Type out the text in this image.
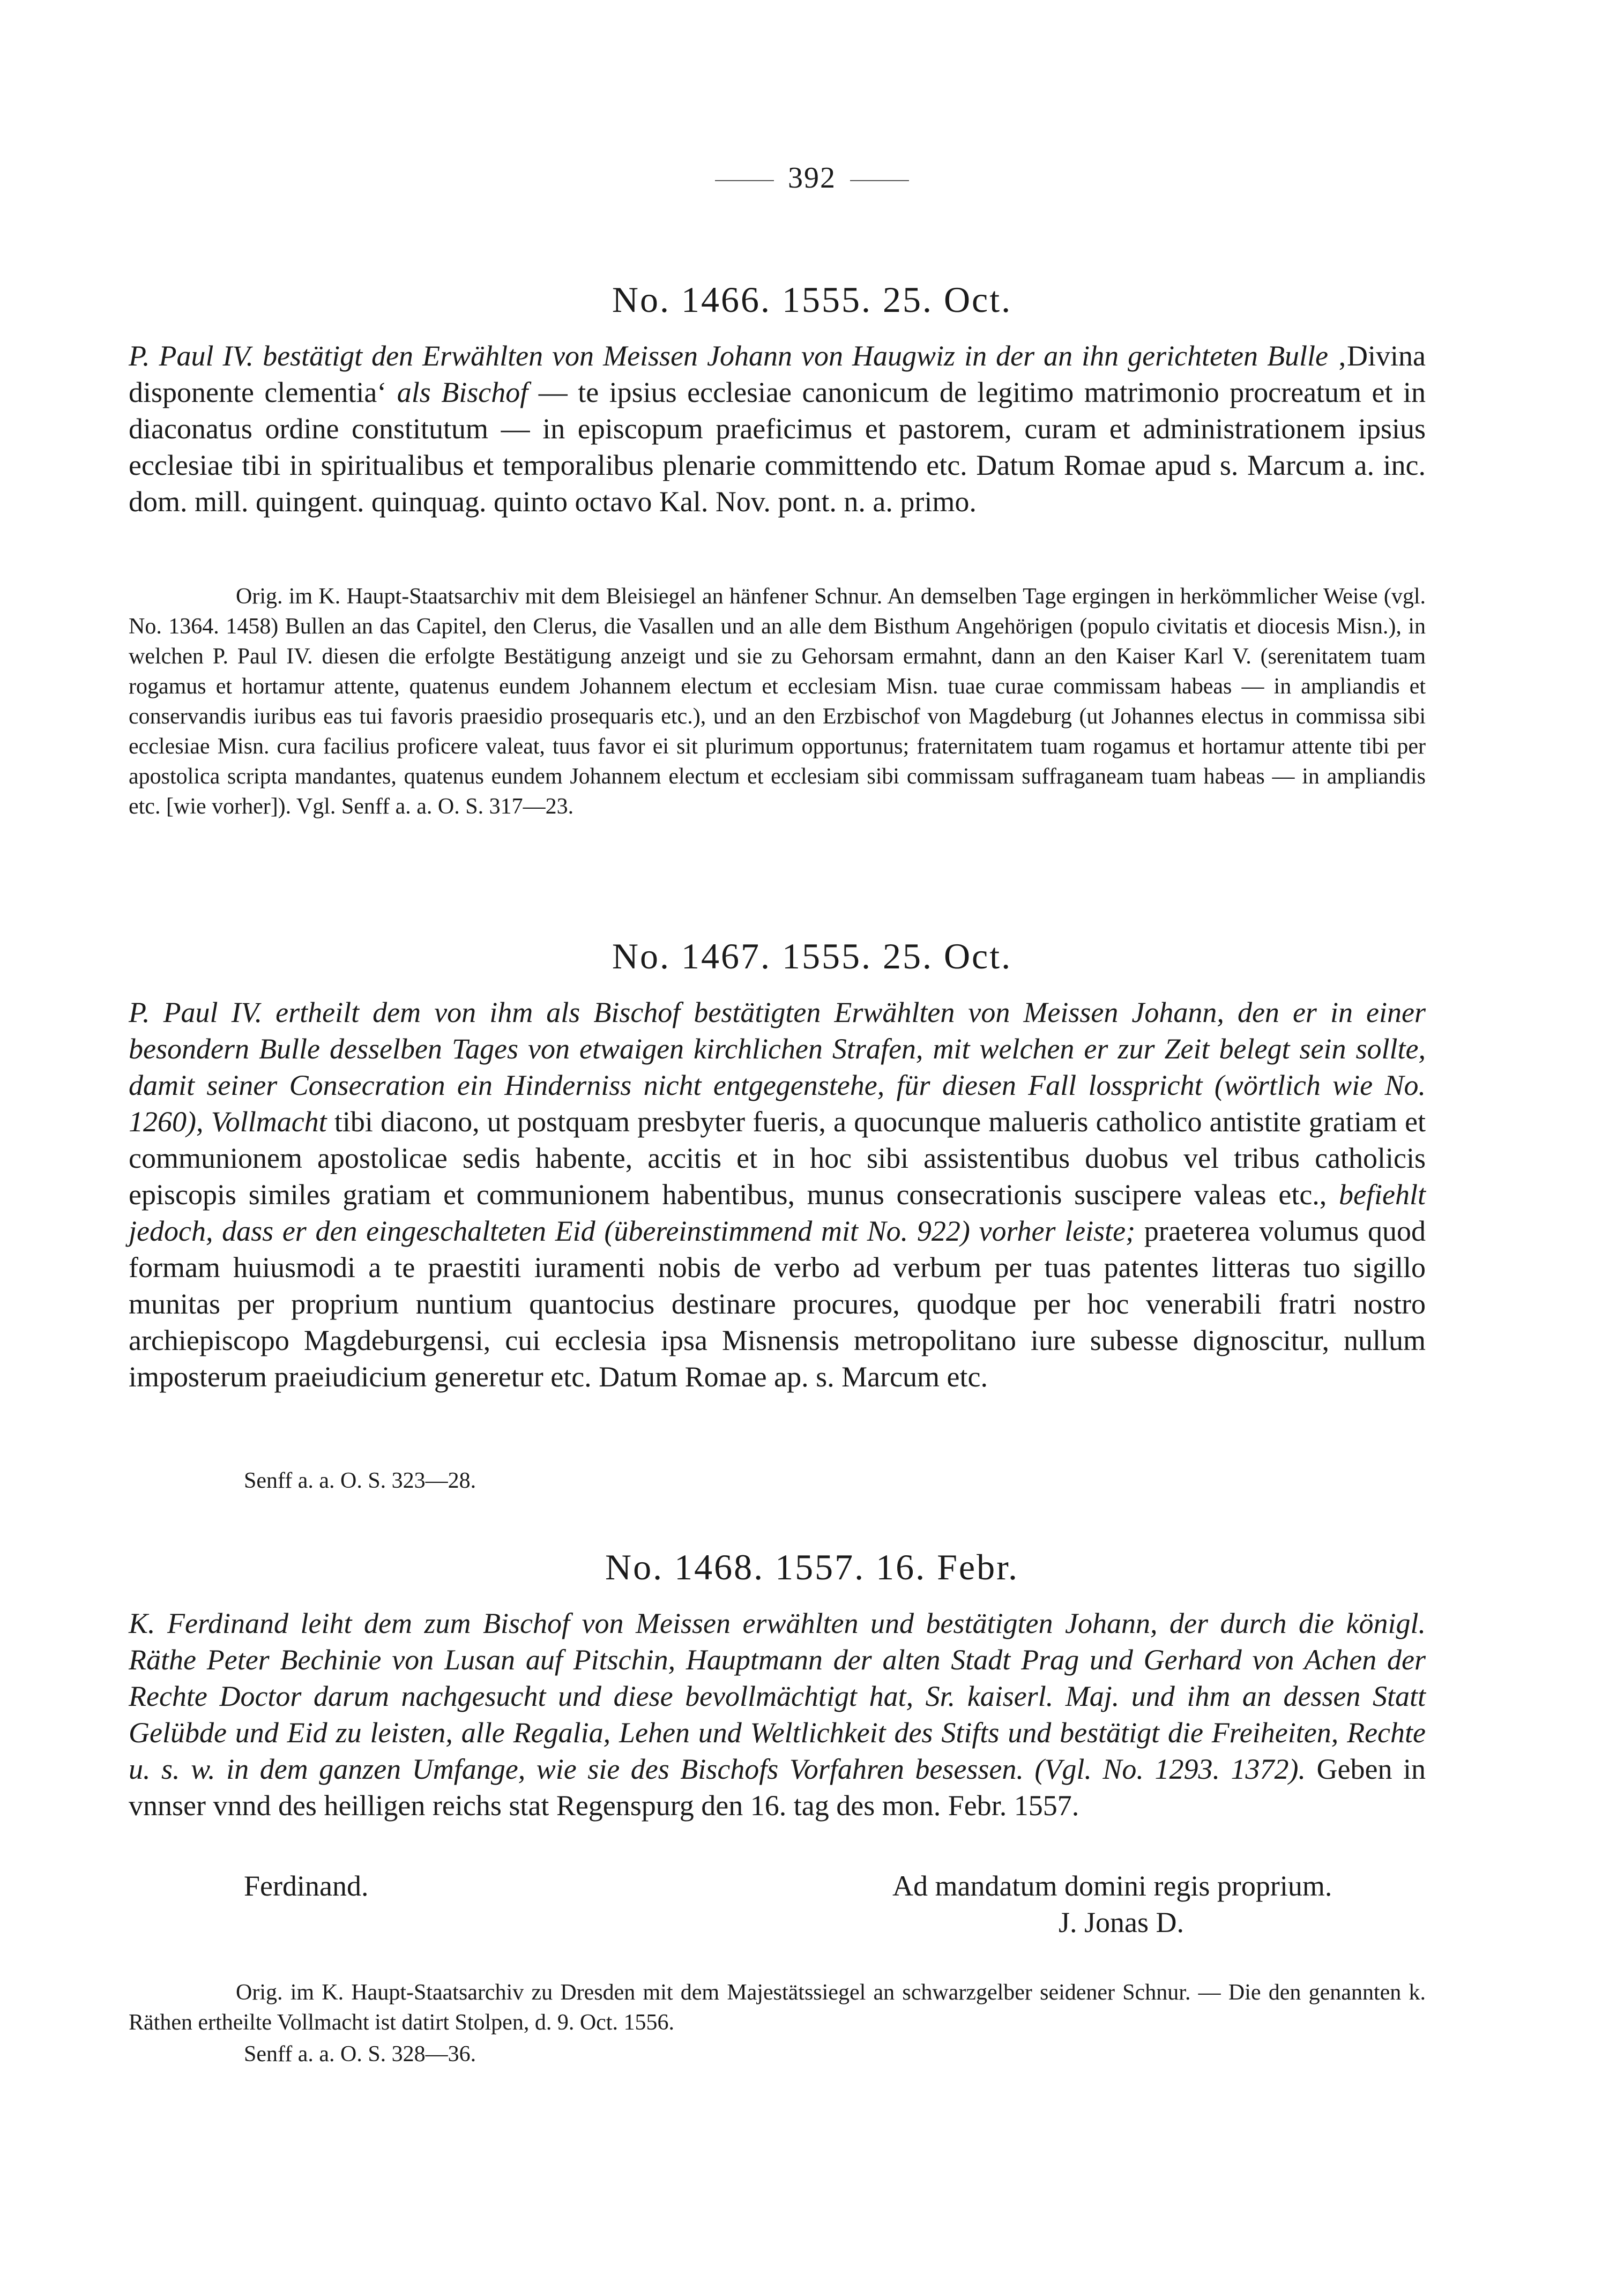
392
No. 1466. 1555. 25. Oct.

P. Paul IV. bestätigt den Erwählten von Meissen Johann von Haugwiz in der an ihn gerichteten Bulle ‚Divina disponente clementia‘ als Bischof — te ipsius ecclesiae canonicum de legitimo matrimonio procreatum et in diaconatus ordine constitutum — in episcopum praeficimus et pastorem, curam et administrationem ipsius ecclesiae tibi in spiritualibus et temporalibus plenarie committendo etc. Datum Romae apud s. Marcum a. inc. dom. mill. quingent. quinquag. quinto octavo Kal. Nov. pont. n. a. primo.

Orig. im K. Haupt-Staatsarchiv mit dem Bleisiegel an hänfener Schnur. An demselben Tage ergingen in herkömmlicher Weise (vgl. No. 1364. 1458) Bullen an das Capitel, den Clerus, die Vasallen und an alle dem Bisthum Angehörigen (populo civitatis et diocesis Misn.), in welchen P. Paul IV. diesen die erfolgte Bestätigung anzeigt und sie zu Gehorsam ermahnt, dann an den Kaiser Karl V. (serenitatem tuam rogamus et hortamur attente, quatenus eundem Johannem electum et ecclesiam Misn. tuae curae commissam habeas — in ampliandis et conservandis iuribus eas tui favoris praesidio prosequaris etc.), und an den Erzbischof von Magdeburg (ut Johannes electus in commissa sibi ecclesiae Misn. cura facilius proficere valeat, tuus favor ei sit plurimum opportunus; fraternitatem tuam rogamus et hortamur attente tibi per apostolica scripta mandantes, quatenus eundem Johannem electum et ecclesiam sibi commissam suffraganeam tuam habeas — in ampliandis etc. [wie vorher]). Vgl. Senff a. a. O. S. 317—23.

No. 1467. 1555. 25. Oct.

P. Paul IV. ertheilt dem von ihm als Bischof bestätigten Erwählten von Meissen Johann, den er in einer besondern Bulle desselben Tages von etwaigen kirchlichen Strafen, mit welchen er zur Zeit belegt sein sollte, damit seiner Consecration ein Hinderniss nicht entgegenstehe, für diesen Fall losspricht (wörtlich wie No. 1260), Vollmacht tibi diacono, ut postquam presbyter fueris, a quocunque malueris catholico antistite gratiam et communionem apostolicae sedis habente, accitis et in hoc sibi assistentibus duobus vel tribus catholicis episcopis similes gratiam et communionem habentibus, munus consecrationis suscipere valeas etc., befiehlt jedoch, dass er den eingeschalteten Eid (übereinstimmend mit No. 922) vorher leiste; praeterea volumus quod formam huiusmodi a te praestiti iuramenti nobis de verbo ad verbum per tuas patentes litteras tuo sigillo munitas per proprium nuntium quantocius destinare procures, quodque per hoc venerabili fratri nostro archiepiscopo Magdeburgensi, cui ecclesia ipsa Misnensis metropolitano iure subesse dignoscitur, nullum imposterum praeiudicium generetur etc. Datum Romae ap. s. Marcum etc.

Senff a. a. O. S. 323—28.

No. 1468. 1557. 16. Febr.

K. Ferdinand leiht dem zum Bischof von Meissen erwählten und bestätigten Johann, der durch die königl. Räthe Peter Bechinie von Lusan auf Pitschin, Hauptmann der alten Stadt Prag und Gerhard von Achen der Rechte Doctor darum nachgesucht und diese bevollmächtigt hat, Sr. kaiserl. Maj. und ihm an dessen Statt Gelübde und Eid zu leisten, alle Regalia, Lehen und Weltlichkeit des Stifts und bestätigt die Freiheiten, Rechte u. s. w. in dem ganzen Umfange, wie sie des Bischofs Vorfahren besessen. (Vgl. No. 1293. 1372). Geben in vnnser vnnd des heilligen reichs stat Regenspurg den 16. tag des mon. Febr. 1557.

Ferdinand.	Ad mandatum domini regis proprium.

J. Jonas D.

Orig. im K. Haupt-Staatsarchiv zu Dresden mit dem Majestätssiegel an schwarzgelber seidener Schnur. — Die den genannten k. Räthen ertheilte Vollmacht ist datirt Stolpen, d. 9. Oct. 1556.

Senff a. a. O. S. 328—36.
